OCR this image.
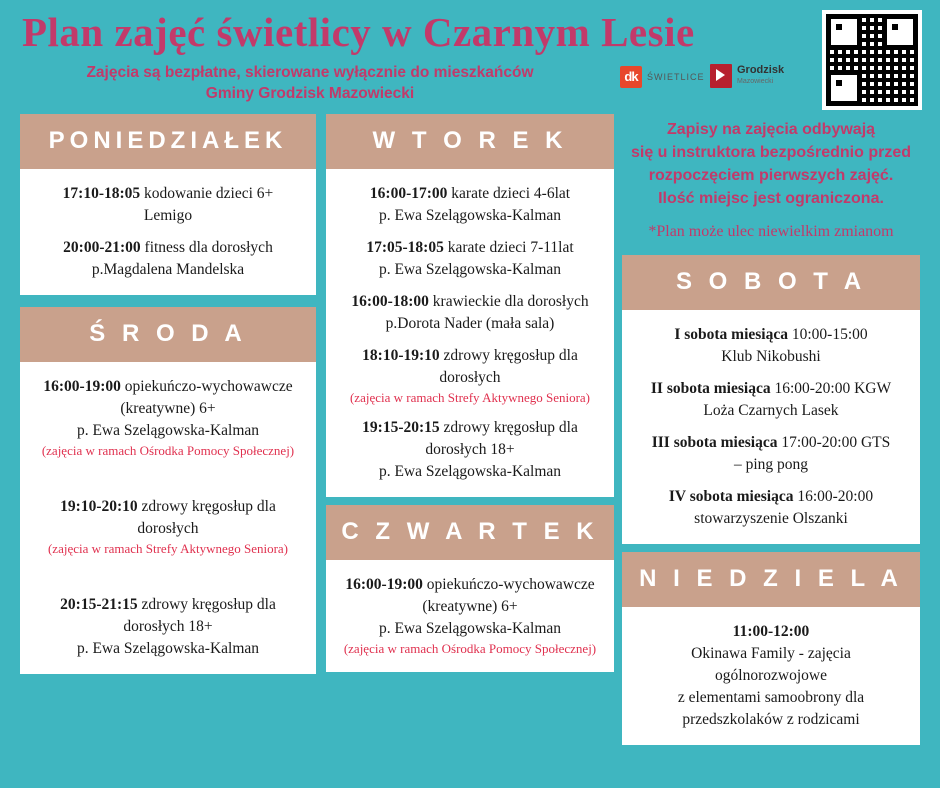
Plan zajęć świetlicy w Czarnym Lesie
Zajęcia są bezpłatne, skierowane wyłącznie do mieszkańców
Gminy Grodzisk Mazowiecki
dk	ŚWIETLICE
Grodzisk
Mazowiecki
PONIEDZIAŁEK
17:10-18:05 kodowanie dzieci 6+
Lemigo
20:00-21:00 fitness dla dorosłych
p.Magdalena Mandelska
Ś R O D A
16:00-19:00 opiekuńczo-wychowawcze
(kreatywne) 6+
p. Ewa Szelągowska-Kalman
(zajęcia w ramach Ośrodka Pomocy Społecznej)
19:10-20:10 zdrowy kręgosłup dla
dorosłych
(zajęcia w ramach Strefy Aktywnego Seniora)
20:15-21:15 zdrowy kręgosłup dla
dorosłych 18+
p. Ewa Szelągowska-Kalman
W T O R E K
16:00-17:00 karate dzieci 4-6lat
p. Ewa Szelągowska-Kalman
17:05-18:05 karate dzieci 7-11lat
p. Ewa Szelągowska-Kalman
16:00-18:00 krawieckie dla dorosłych
p.Dorota Nader (mała sala)
18:10-19:10 zdrowy kręgosłup dla
dorosłych
(zajęcia w ramach Strefy Aktywnego Seniora)
19:15-20:15 zdrowy kręgosłup dla
dorosłych 18+
p. Ewa Szelągowska-Kalman
C Z W A R T E K
16:00-19:00 opiekuńczo-wychowawcze
(kreatywne) 6+
p. Ewa Szelągowska-Kalman
(zajęcia w ramach Ośrodka Pomocy Społecznej)
Zapisy na zajęcia odbywają
się u instruktora bezpośrednio przed
rozpoczęciem pierwszych zajęć.
Ilość miejsc jest ograniczona.
*Plan może ulec niewielkim zmianom
S O B O T A
I sobota miesiąca 10:00-15:00
Klub Nikobushi
II sobota miesiąca 16:00-20:00 KGW
Loża Czarnych Lasek
III sobota miesiąca 17:00-20:00 GTS
– ping pong
IV sobota miesiąca 16:00-20:00
stowarzyszenie Olszanki
N I E D Z I E L A
11:00-12:00
Okinawa Family - zajęcia ogólnorozwojowe
z elementami samoobrony dla
przedszkolaków z rodzicami
